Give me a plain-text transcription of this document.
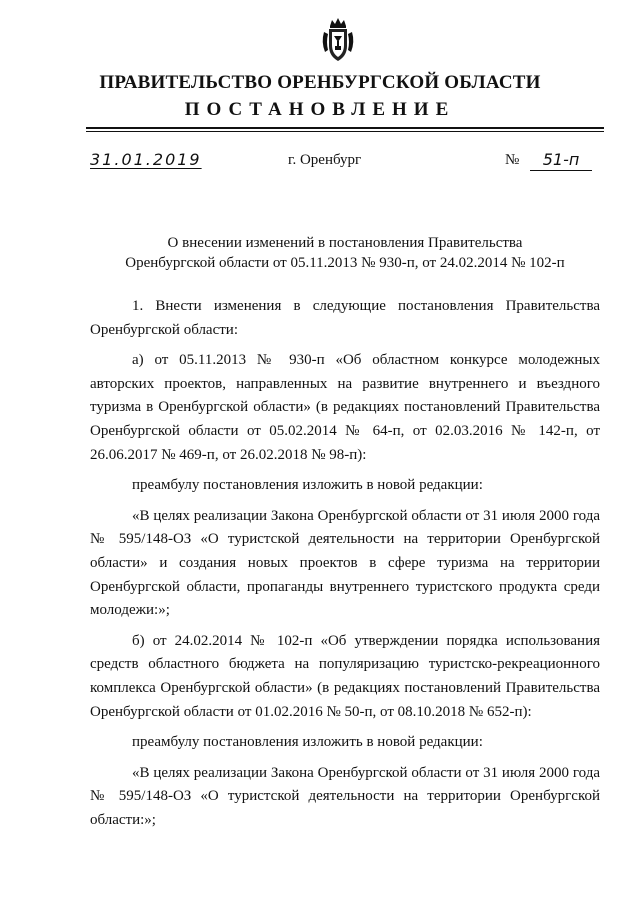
ПРАВИТЕЛЬСТВО ОРЕНБУРГСКОЙ ОБЛАСТИ
ПОСТАНОВЛЕНИЕ
31.01.2019	г. Оренбург	№	51-п
О внесении изменений в постановления Правительства
Оренбургской области от 05.11.2013 № 930-п, от 24.02.2014 № 102-п

1. Внести изменения в следующие постановления Правительства Оренбургской области:

а) от 05.11.2013 № 930-п «Об областном конкурсе молодежных авторских проектов, направленных на развитие внутреннего и въездного туризма в Оренбургской области» (в редакциях постановлений Правительства Оренбургской области от 05.02.2014 № 64-п, от 02.03.2016 № 142-п, от 26.06.2017 № 469-п, от 26.02.2018 № 98-п):

преамбулу постановления изложить в новой редакции:

«В целях реализации Закона Оренбургской области от 31 июля 2000 года № 595/148-ОЗ «О туристской деятельности на территории Оренбургской области» и создания новых проектов в сфере туризма на территории Оренбургской области, пропаганды внутреннего туристского продукта среди молодежи:»;

б) от 24.02.2014 № 102-п «Об утверждении порядка использования средств областного бюджета на популяризацию туристско-рекреационного комплекса Оренбургской области» (в редакциях постановлений Правительства Оренбургской области от 01.02.2016 № 50-п, от 08.10.2018 № 652-п):

преамбулу постановления изложить в новой редакции:

«В целях реализации Закона Оренбургской области от 31 июля 2000 года № 595/148-ОЗ «О туристской деятельности на территории Оренбургской области:»;
